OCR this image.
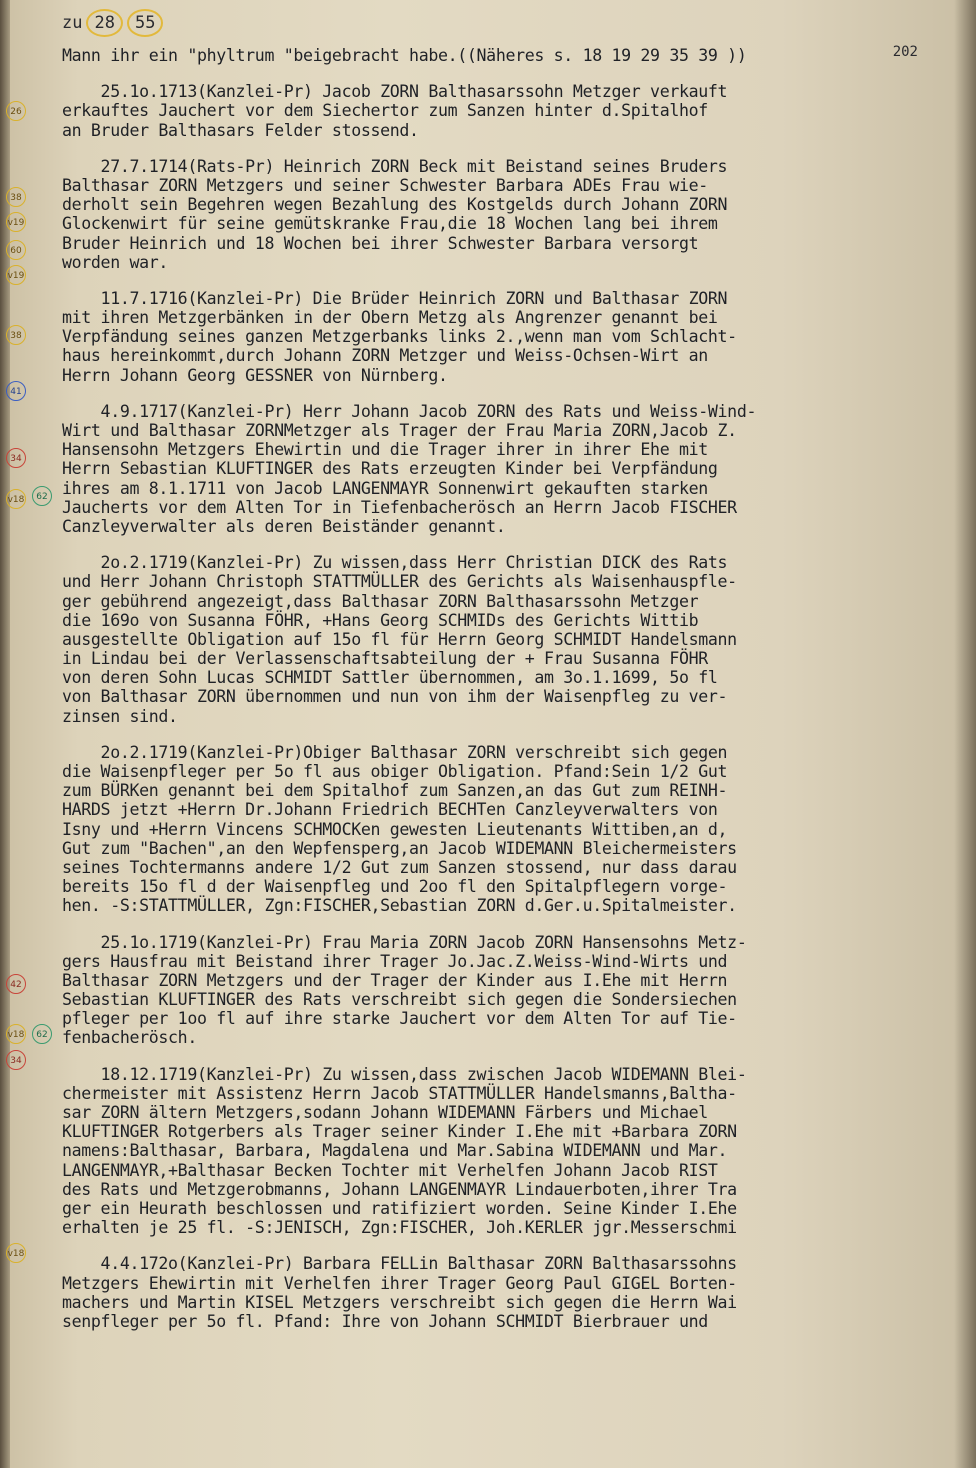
zu 28	55
202
26
38
v19
60
v19
38
41
34
v18	62
42
v18	62
34
v18
Mann ihr ein "phyltrum "beigebracht habe.((Näheres s. 18 19 29 35 39 ))
25.1o.1713(Kanzlei-Pr) Jacob ZORN Balthasarssohn Metzger verkauft
erkauftes Jauchert vor dem Siechertor zum Sanzen hinter d.Spitalhof
an Bruder Balthasars Felder stossend.
27.7.1714(Rats-Pr) Heinrich ZORN Beck mit Beistand seines Bruders
Balthasar ZORN Metzgers und seiner Schwester Barbara ADEs Frau wie-
derholt sein Begehren wegen Bezahlung des Kostgelds durch Johann ZORN
Glockenwirt für seine gemütskranke Frau,die 18 Wochen lang bei ihrem
Bruder Heinrich und 18 Wochen bei ihrer Schwester Barbara versorgt
worden war.
11.7.1716(Kanzlei-Pr) Die Brüder Heinrich ZORN und Balthasar ZORN
mit ihren Metzgerbänken in der Obern Metzg als Angrenzer genannt bei
Verpfändung seines ganzen Metzgerbanks links 2.,wenn man vom Schlacht-
haus hereinkommt,durch Johann ZORN Metzger und Weiss-Ochsen-Wirt an
Herrn Johann Georg GESSNER von Nürnberg.
4.9.1717(Kanzlei-Pr) Herr Johann Jacob ZORN des Rats und Weiss-Wind-
Wirt und Balthasar ZORNMetzger als Trager der Frau Maria ZORN,Jacob Z.
Hansensohn Metzgers Ehewirtin und die Trager ihrer in ihrer Ehe mit
Herrn Sebastian KLUFTINGER des Rats erzeugten Kinder bei Verpfändung
ihres am 8.1.1711 von Jacob LANGENMAYR Sonnenwirt gekauften starken
Jaucherts vor dem Alten Tor in Tiefenbacherösch an Herrn Jacob FISCHER
Canzleyverwalter als deren Beiständer genannt.
2o.2.1719(Kanzlei-Pr) Zu wissen,dass Herr Christian DICK des Rats
und Herr Johann Christoph STATTMÜLLER des Gerichts als Waisenhauspfle-
ger gebührend angezeigt,dass Balthasar ZORN Balthasarssohn Metzger
die 169o von Susanna FÖHR, +Hans Georg SCHMIDs des Gerichts Wittib
ausgestellte Obligation auf 15o fl für Herrn Georg SCHMIDT Handelsmann
in Lindau bei der Verlassenschaftsabteilung der + Frau Susanna FÖHR
von deren Sohn Lucas SCHMIDT Sattler übernommen, am 3o.1.1699, 5o fl
von Balthasar ZORN übernommen und nun von ihm der Waisenpfleg zu ver-
zinsen sind.
2o.2.1719(Kanzlei-Pr)Obiger Balthasar ZORN verschreibt sich gegen
die Waisenpfleger per 5o fl aus obiger Obligation. Pfand:Sein 1/2 Gut
zum BÜRKen genannt bei dem Spitalhof zum Sanzen,an das Gut zum REINH-
HARDS jetzt +Herrn Dr.Johann Friedrich BECHTen Canzleyverwalters von
Isny und +Herrn Vincens SCHMOCKen gewesten Lieutenants Wittiben,an d,
Gut zum "Bachen",an den Wepfensperg,an Jacob WIDEMANN Bleichermeisters
seines Tochtermanns andere 1/2 Gut zum Sanzen stossend, nur dass darau
bereits 15o fl d der Waisenpfleg und 2oo fl den Spitalpflegern vorge-
hen. -S:STATTMÜLLER, Zgn:FISCHER,Sebastian ZORN d.Ger.u.Spitalmeister.
25.1o.1719(Kanzlei-Pr) Frau Maria ZORN Jacob ZORN Hansensohns Metz-
gers Hausfrau mit Beistand ihrer Trager Jo.Jac.Z.Weiss-Wind-Wirts und
Balthasar ZORN Metzgers und der Trager der Kinder aus I.Ehe mit Herrn
Sebastian KLUFTINGER des Rats verschreibt sich gegen die Sondersiechen
pfleger per 1oo fl auf ihre starke Jauchert vor dem Alten Tor auf Tie-
fenbacherösch.
18.12.1719(Kanzlei-Pr) Zu wissen,dass zwischen Jacob WIDEMANN Blei-
chermeister mit Assistenz Herrn Jacob STATTMÜLLER Handelsmanns,Baltha-
sar ZORN ältern Metzgers,sodann Johann WIDEMANN Färbers und Michael
KLUFTINGER Rotgerbers als Trager seiner Kinder I.Ehe mit +Barbara ZORN
namens:Balthasar, Barbara, Magdalena und Mar.Sabina WIDEMANN und Mar.
LANGENMAYR,+Balthasar Becken Tochter mit Verhelfen Johann Jacob RIST
des Rats und Metzgerobmanns, Johann LANGENMAYR Lindauerboten,ihrer Tra
ger ein Heurath beschlossen und ratifiziert worden. Seine Kinder I.Ehe
erhalten je 25 fl. -S:JENISCH, Zgn:FISCHER, Joh.KERLER jgr.Messerschmi
4.4.172o(Kanzlei-Pr) Barbara FELLin Balthasar ZORN Balthasarssohns
Metzgers Ehewirtin mit Verhelfen ihrer Trager Georg Paul GIGEL Borten-
machers und Martin KISEL Metzgers verschreibt sich gegen die Herrn Wai
senpfleger per 5o fl. Pfand: Ihre von Johann SCHMIDT Bierbrauer und
